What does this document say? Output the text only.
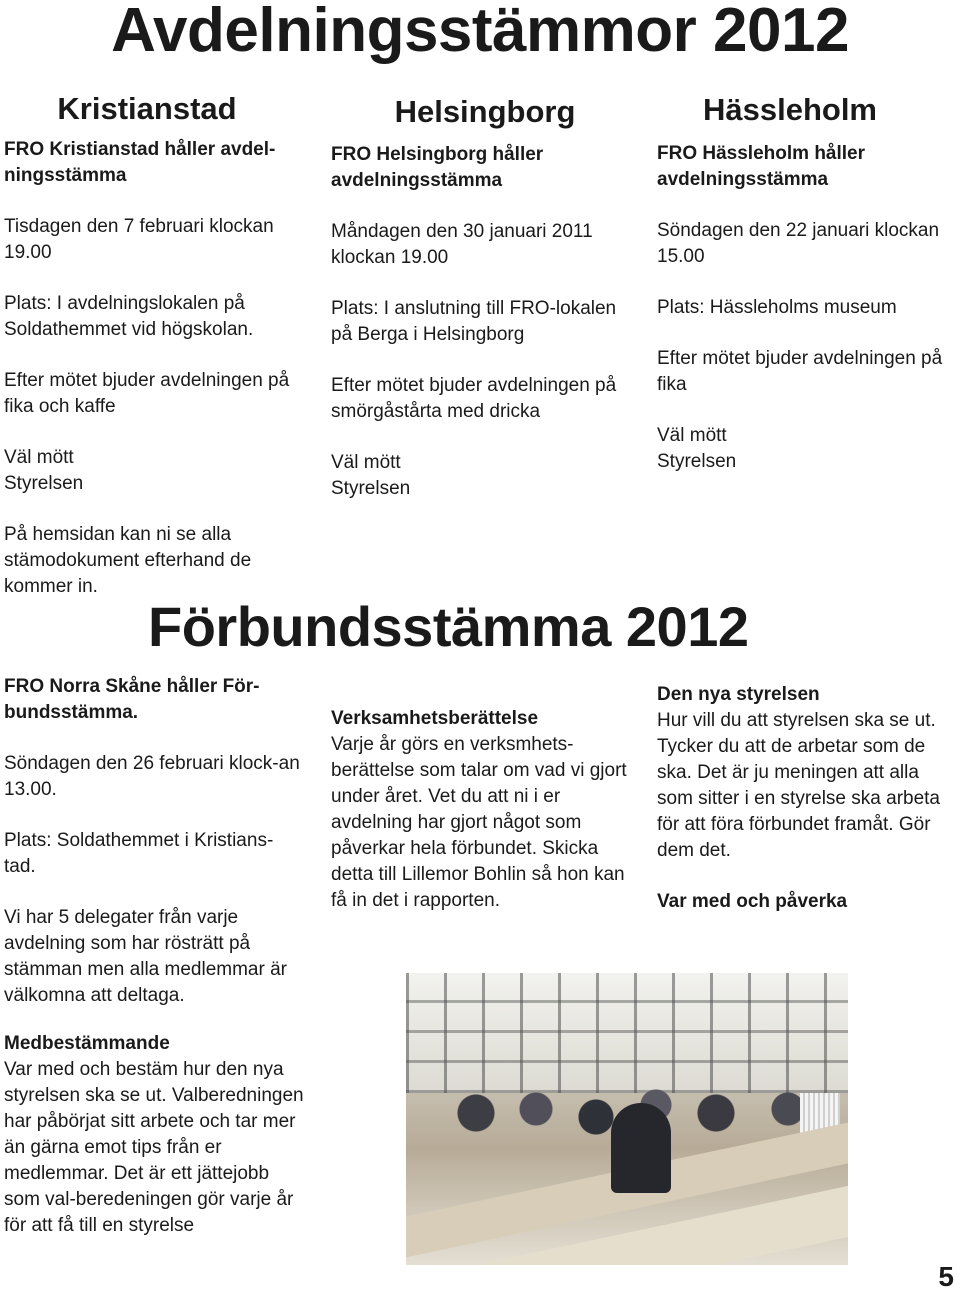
Avdelningsstämmor 2012
Kristianstad

FRO Kristianstad håller avdel-ningsstämma

Tisdagen den 7 februari klockan 19.00

Plats: I avdelningslokalen på Soldathemmet vid högskolan.

Efter mötet bjuder avdelningen på fika och kaffe

Väl mött

Styrelsen

På hemsidan kan ni se alla stämodokument efterhand de kommer in.

Helsingborg

FRO Helsingborg håller avdelningsstämma

Måndagen den 30 januari 2011 klockan 19.00

Plats: I anslutning till FRO-lokalen på Berga i Helsingborg

Efter mötet bjuder avdelningen på smörgåstårta med dricka

Väl mött

Styrelsen

Hässleholm

FRO Hässleholm håller avdelningsstämma

Söndagen den 22 januari klockan 15.00

Plats: Hässleholms museum

Efter mötet bjuder avdelningen på fika

Väl mött

Styrelsen

Förbundsstämma 2012

FRO Norra Skåne håller För-bundsstämma.

Söndagen den 26 februari klock-an 13.00.

Plats: Soldathemmet i Kristians-tad.

Vi har 5 delegater från varje avdelning som har rösträtt på stämman men alla medlemmar är välkomna att deltaga.

Medbestämmande

Var med och bestäm hur den nya styrelsen ska se ut. Valberedningen har påbörjat sitt arbete och tar mer än gärna emot tips från er medlemmar. Det är ett jättejobb som val-beredeningen gör varje år för att få till en styrelse

Verksamhetsberättelse

Varje år görs en verksmhets-berättelse som talar om vad vi gjort under året. Vet du att ni i er avdelning har gjort något som påverkar hela förbundet. Skicka detta till Lillemor Bohlin så hon kan få in det i rapporten.

Den nya styrelsen

Hur vill du att styrelsen ska se ut. Tycker du att de arbetar som de ska. Det är ju meningen att alla som sitter i en styrelse ska arbeta för att föra förbundet framåt. Gör dem det.

Var med och påverka

5
